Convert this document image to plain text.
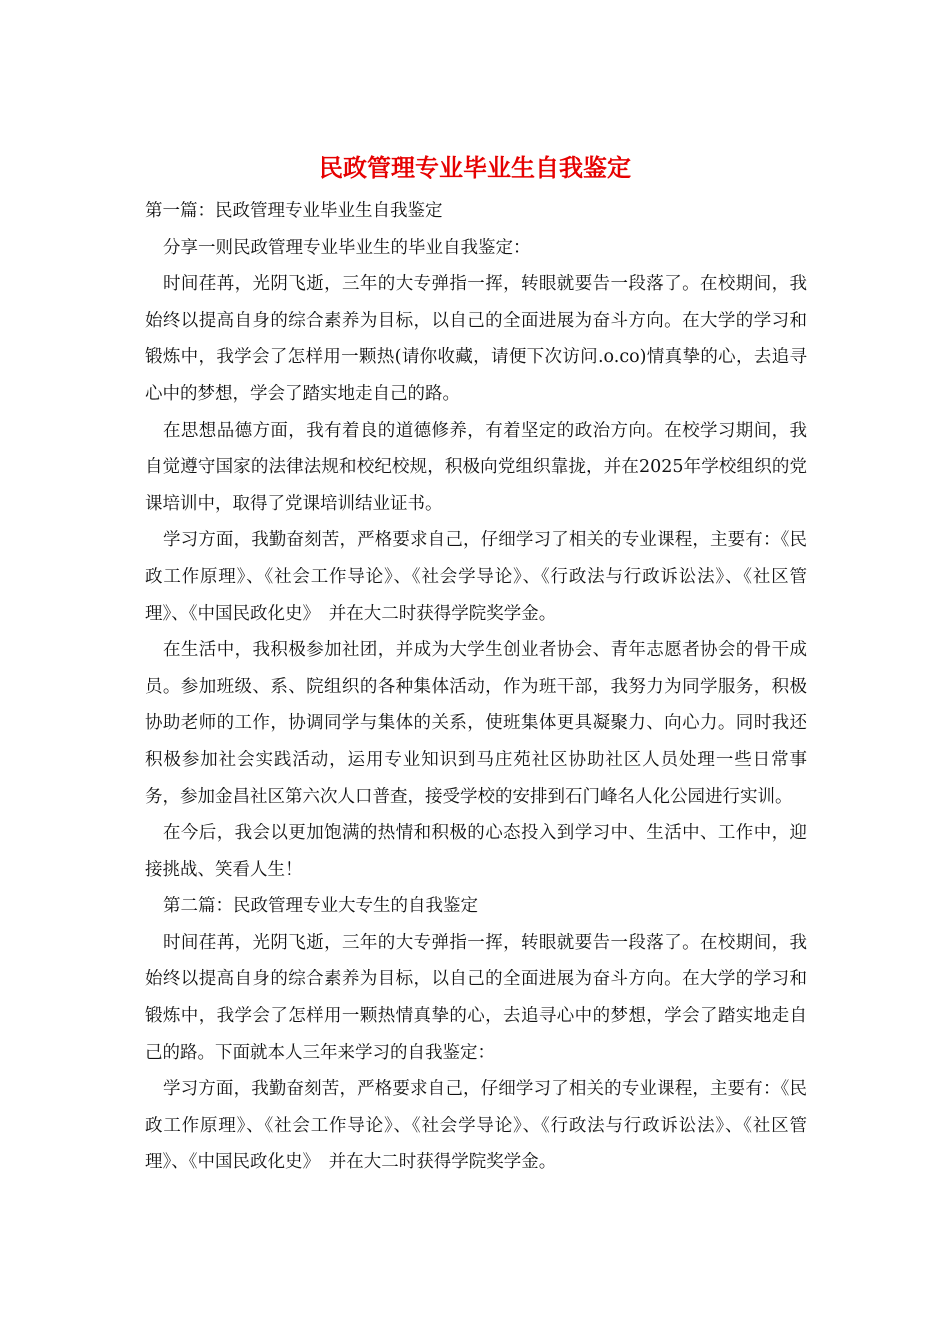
民政管理专业毕业生自我鉴定

第一篇：民政管理专业毕业生自我鉴定

分享一则民政管理专业毕业生的毕业自我鉴定：

时间荏苒，光阴飞逝，三年的大专弹指一挥，转眼就要告一段落了。在校期间，我始终以提高自身的综合素养为目标，以自己的全面进展为奋斗方向。在大学的学习和锻炼中，我学会了怎样用一颗热(请你收藏，请便下次访问.o.co)情真挚的心，去追寻心中的梦想，学会了踏实地走自己的路。

在思想品德方面，我有着良的道德修养，有着坚定的政治方向。在校学习期间，我自觉遵守国家的法律法规和校纪校规，积极向党组织靠拢，并在2025年学校组织的党课培训中，取得了党课培训结业证书。

学习方面，我勤奋刻苦，严格要求自己，仔细学习了相关的专业课程，主要有：《民政工作原理》、《社会工作导论》、《社会学导论》、《行政法与行政诉讼法》、《社区管理》、《中国民政化史》　并在大二时获得学院奖学金。

在生活中，我积极参加社团，并成为大学生创业者协会、青年志愿者协会的骨干成员。参加班级、系、院组织的各种集体活动，作为班干部，我努力为同学服务，积极协助老师的工作，协调同学与集体的关系，使班集体更具凝聚力、向心力。同时我还积极参加社会实践活动，运用专业知识到马庄苑社区协助社区人员处理一些日常事务，参加金昌社区第六次人口普查，接受学校的安排到石门峰名人化公园进行实训。

在今后，我会以更加饱满的热情和积极的心态投入到学习中、生活中、工作中，迎接挑战、笑看人生！

第二篇：民政管理专业大专生的自我鉴定

时间荏苒，光阴飞逝，三年的大专弹指一挥，转眼就要告一段落了。在校期间，我始终以提高自身的综合素养为目标，以自己的全面进展为奋斗方向。在大学的学习和锻炼中，我学会了怎样用一颗热情真挚的心，去追寻心中的梦想，学会了踏实地走自己的路。下面就本人三年来学习的自我鉴定：

学习方面，我勤奋刻苦，严格要求自己，仔细学习了相关的专业课程，主要有：《民政工作原理》、《社会工作导论》、《社会学导论》、《行政法与行政诉讼法》、《社区管理》、《中国民政化史》　并在大二时获得学院奖学金。
